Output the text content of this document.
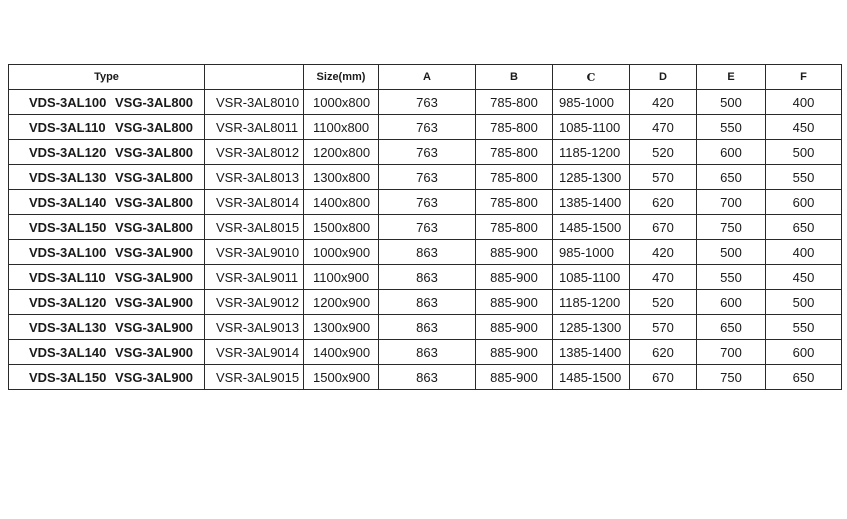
Type		Size(mm)	A	B	C	D	E	F
VDS-3AL100 VSG-3AL800	VSR-3AL8010	1000x800	763	785-800	985-1000	420	500	400
VDS-3AL110 VSG-3AL800	VSR-3AL8011	1100x800	763	785-800	1085-1100	470	550	450
VDS-3AL120 VSG-3AL800	VSR-3AL8012	1200x800	763	785-800	1185-1200	520	600	500
VDS-3AL130 VSG-3AL800	VSR-3AL8013	1300x800	763	785-800	1285-1300	570	650	550
VDS-3AL140 VSG-3AL800	VSR-3AL8014	1400x800	763	785-800	1385-1400	620	700	600
VDS-3AL150 VSG-3AL800	VSR-3AL8015	1500x800	763	785-800	1485-1500	670	750	650
VDS-3AL100 VSG-3AL900	VSR-3AL9010	1000x900	863	885-900	985-1000	420	500	400
VDS-3AL110 VSG-3AL900	VSR-3AL9011	1100x900	863	885-900	1085-1100	470	550	450
VDS-3AL120 VSG-3AL900	VSR-3AL9012	1200x900	863	885-900	1185-1200	520	600	500
VDS-3AL130 VSG-3AL900	VSR-3AL9013	1300x900	863	885-900	1285-1300	570	650	550
VDS-3AL140 VSG-3AL900	VSR-3AL9014	1400x900	863	885-900	1385-1400	620	700	600
VDS-3AL150 VSG-3AL900	VSR-3AL9015	1500x900	863	885-900	1485-1500	670	750	650
